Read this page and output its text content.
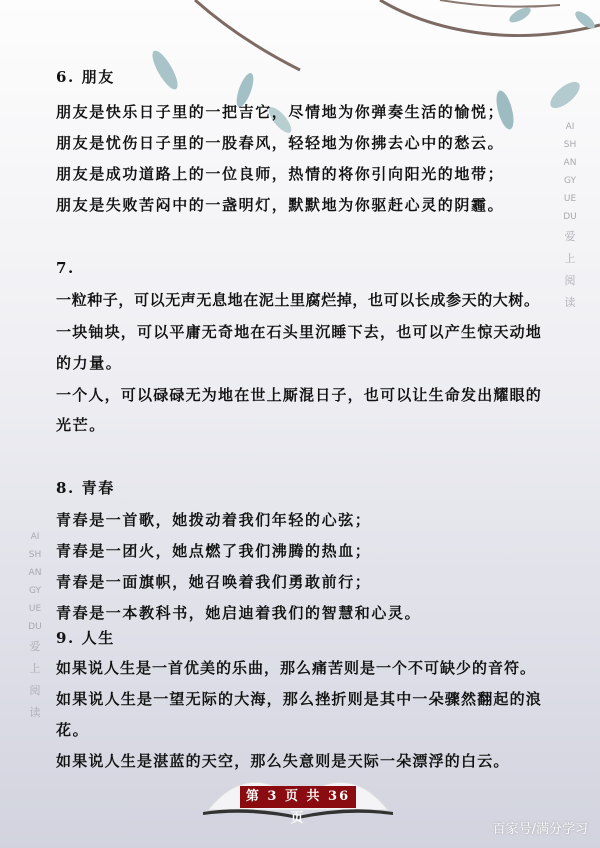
6. 朋友
朋友是快乐日子里的一把吉它，尽情地为你弹奏生活的愉悦；
朋友是忧伤日子里的一股春风，轻轻地为你拂去心中的愁云。
朋友是成功道路上的一位良师，热情的将你引向阳光的地带；
朋友是失败苦闷中的一盏明灯，默默地为你驱赶心灵的阴霾。
7.
一粒种子，可以无声无息地在泥土里腐烂掉，也可以长成参天的大树。
一块铀块，可以平庸无奇地在石头里沉睡下去，也可以产生惊天动地
的力量。
一个人，可以碌碌无为地在世上厮混日子，也可以让生命发出耀眼的
光芒。
8. 青春
青春是一首歌，她拨动着我们年轻的心弦；
青春是一团火，她点燃了我们沸腾的热血；
青春是一面旗帜，她召唤着我们勇敢前行；
青春是一本教科书，她启迪着我们的智慧和心灵。
9. 人生
如果说人生是一首优美的乐曲，那么痛苦则是一个不可缺少的音符。
如果说人生是一望无际的大海，那么挫折则是其中一朵骤然翻起的浪
花。
如果说人生是湛蓝的天空，那么失意则是天际一朵漂浮的白云。
AISHANGYUEDU爱上阅读
AISHANGYUEDU爱上阅读
第 3 页 共 36 页
百家号/满分学习
